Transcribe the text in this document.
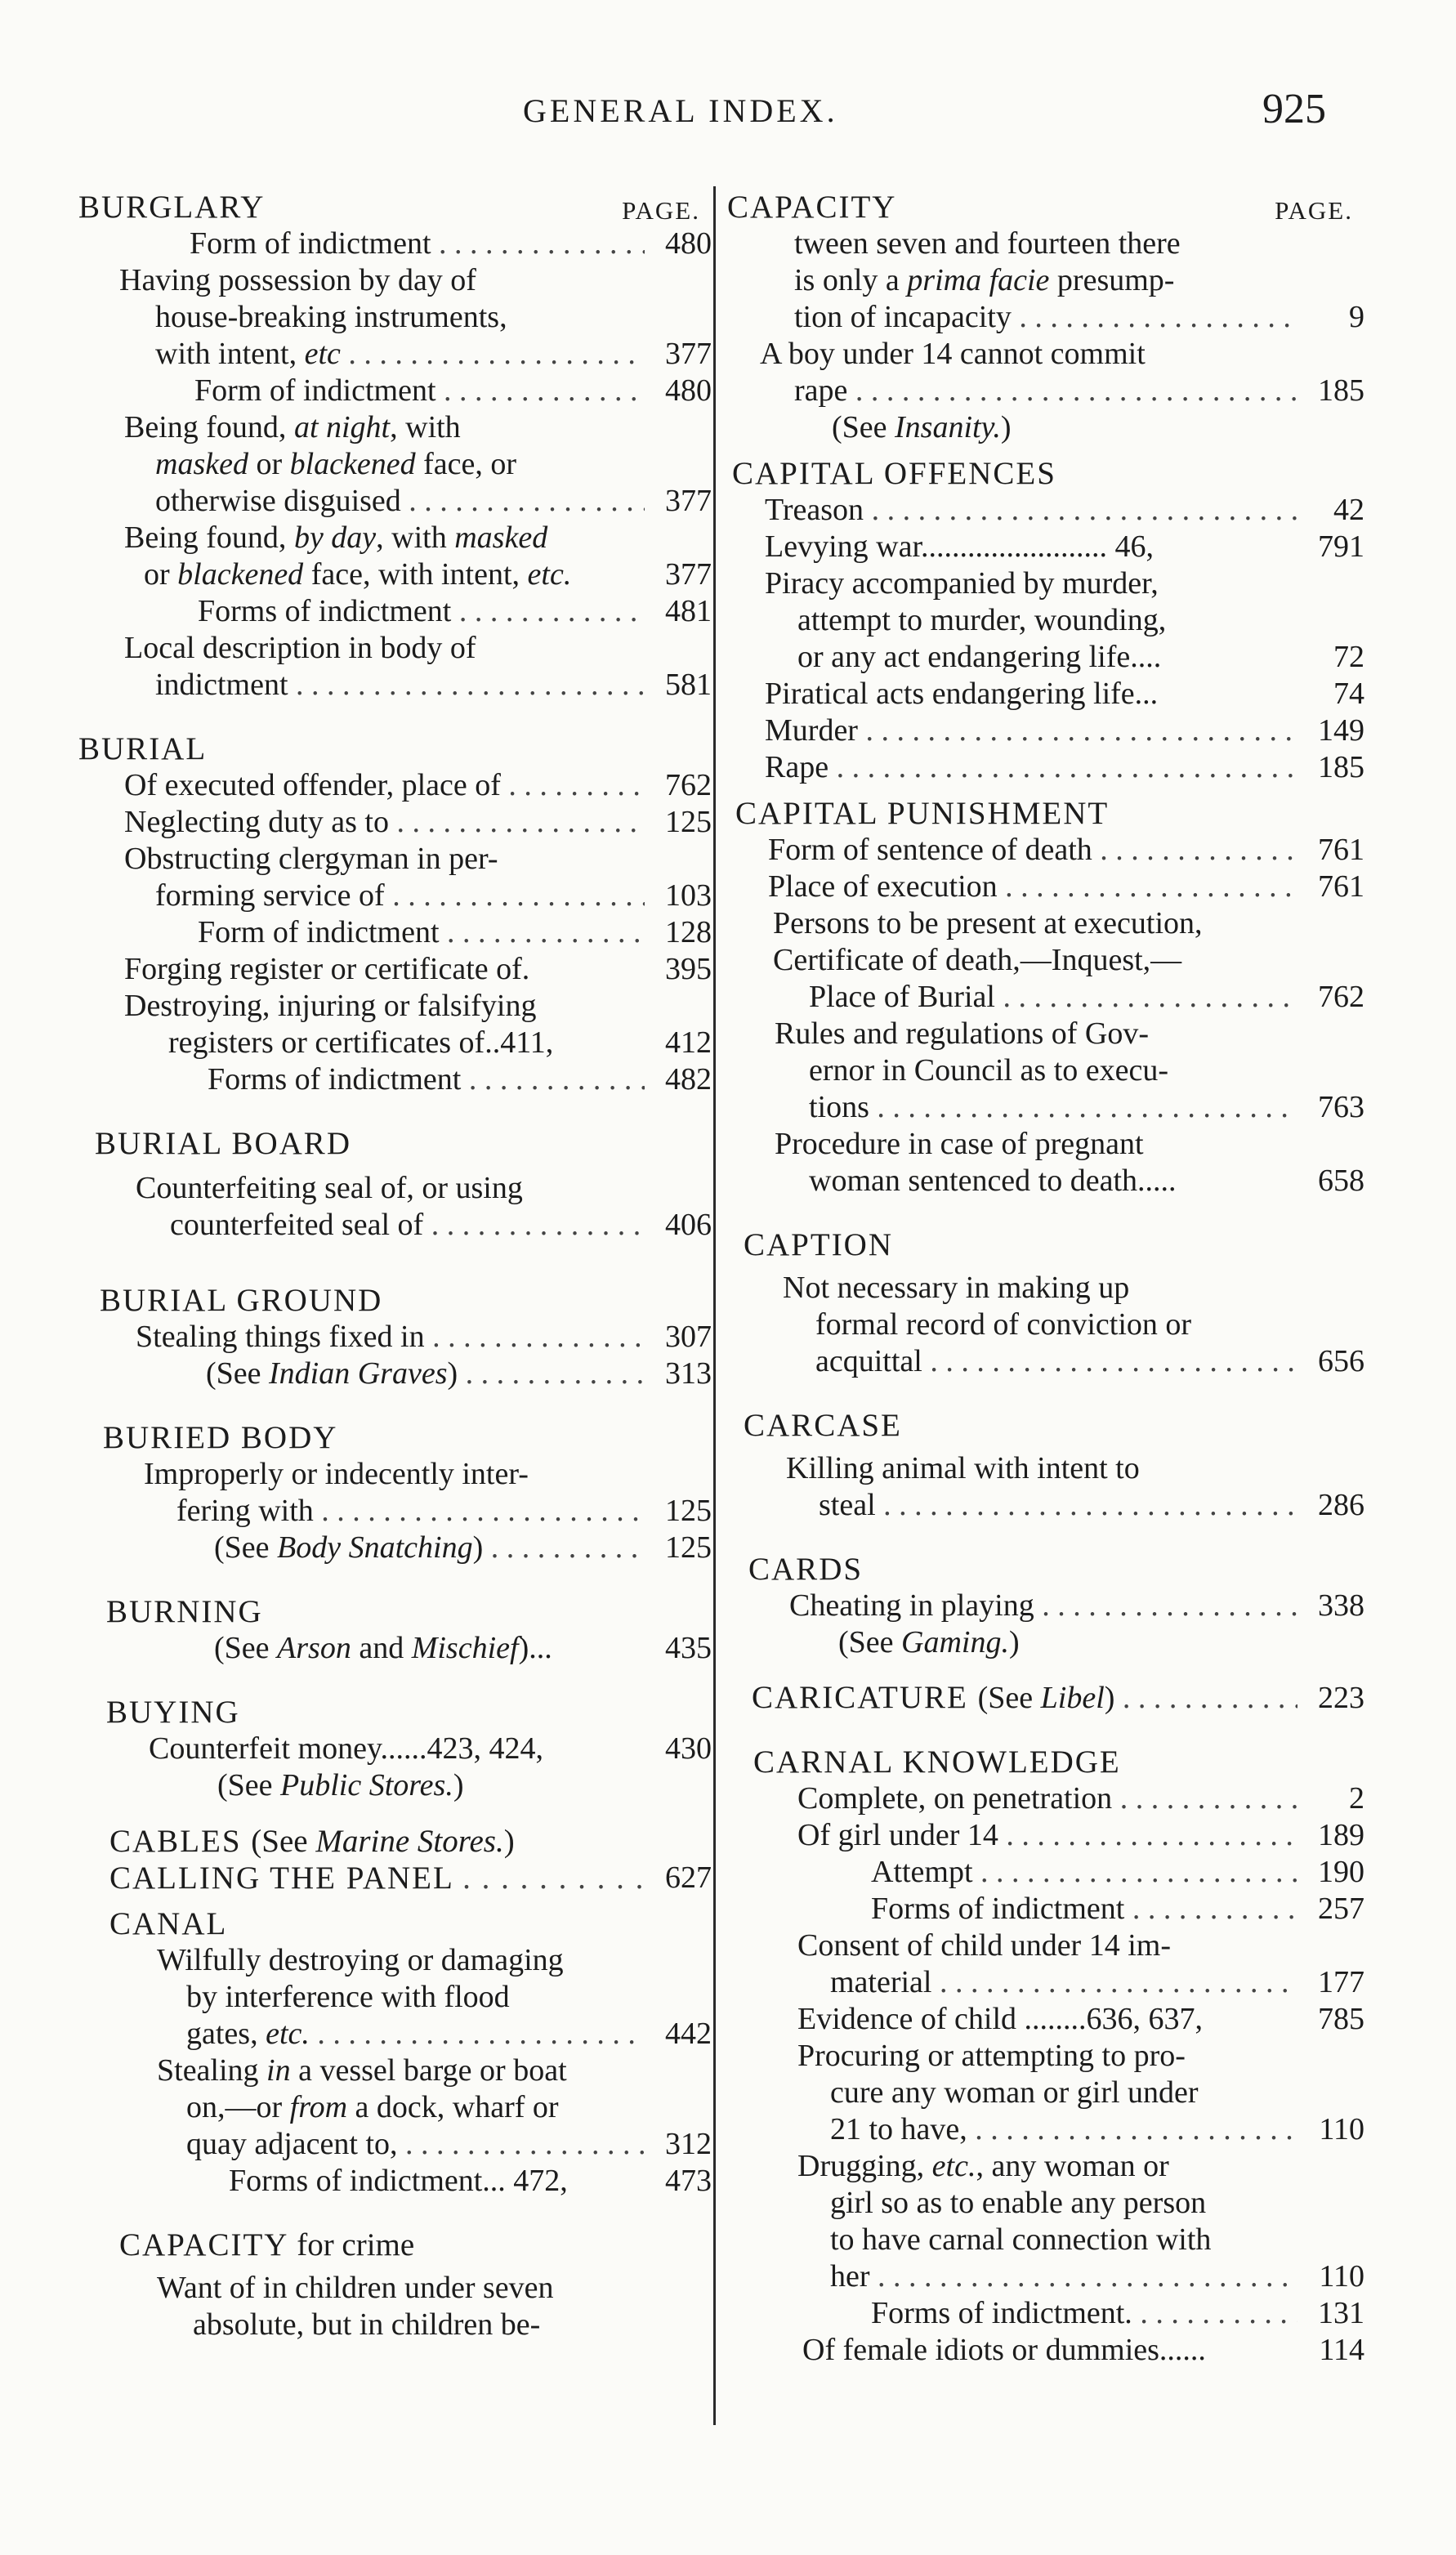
GENERAL INDEX.	925
BURGLARY	PAGE.
Form of indictment . . .	480
Having possession by day of
house-breaking instruments,
with intent, etc . . .	377
Form of indictment . . .	480
Being found, at night, with
masked or blackened face, or
otherwise disguised . . .	377
Being found, by day, with masked
or blackened face, with intent, etc.	377
Forms of indictment . . .	481
Local description in body of
indictment . . .	581
BURIAL
Of executed offender, place of . . .	762
Neglecting duty as to . . .	125
Obstructing clergyman in per-
forming service of . . .	103
Form of indictment . . .	128
Forging register or certificate of.	395
Destroying, injuring or falsifying
registers or certificates of..411,	412
Forms of indictment . . .	482
BURIAL BOARD
Counterfeiting seal of, or using
counterfeited seal of . . .	406
BURIAL GROUND
Stealing things fixed in . . .	307
(See Indian Graves) . . .	313
BURIED BODY
Improperly or indecently inter-
fering with . . .	125
(See Body Snatching) . . .	125
BURNING
(See Arson and Mischief)...	435
BUYING
Counterfeit money......423, 424,	430
(See Public Stores.)
CABLES (See Marine Stores.)
CALLING THE PANEL . . .	627
CANAL
Wilfully destroying or damaging
by interference with flood
gates, etc. . . .	442
Stealing in a vessel barge or boat
on,—or from a dock, wharf or
quay adjacent to, . . .	312
Forms of indictment... 472,	473
CAPACITY for crime
Want of in children under seven
absolute, but in children be-
CAPACITY	PAGE.
tween seven and fourteen there
is only a prima facie presump-
tion of incapacity . . .	9
A boy under 14 cannot commit
rape . . .	185
(See Insanity.)
CAPITAL OFFENCES
Treason . . .	42
Levying war........................ 46,	791
Piracy accompanied by murder,
attempt to murder, wounding,
or any act endangering life....	72
Piratical acts endangering life...	74
Murder . . .	149
Rape . . .	185
CAPITAL PUNISHMENT
Form of sentence of death . . .	761
Place of execution . . .	761
Persons to be present at execution,
Certificate of death,—Inquest,—
Place of Burial . . .	762
Rules and regulations of Gov-
ernor in Council as to execu-
tions . . .	763
Procedure in case of pregnant
woman sentenced to death.....	658
CAPTION
Not necessary in making up
formal record of conviction or
acquittal . . .	656
CARCASE
Killing animal with intent to
steal . . .	286
CARDS
Cheating in playing . . .	338
(See Gaming.)
CARICATURE (See Libel) . . .	223
CARNAL KNOWLEDGE
Complete, on penetration . . .	2
Of girl under 14 . . .	189
Attempt . . .	190
Forms of indictment . . .	257
Consent of child under 14 im-
material . . .	177
Evidence of child ........636, 637,	785
Procuring or attempting to pro-
cure any woman or girl under
21 to have, . . .	110
Drugging, etc., any woman or
girl so as to enable any person
to have carnal connection with
her . . .	110
Forms of indictment. . . .	131
Of female idiots or dummies......	114
